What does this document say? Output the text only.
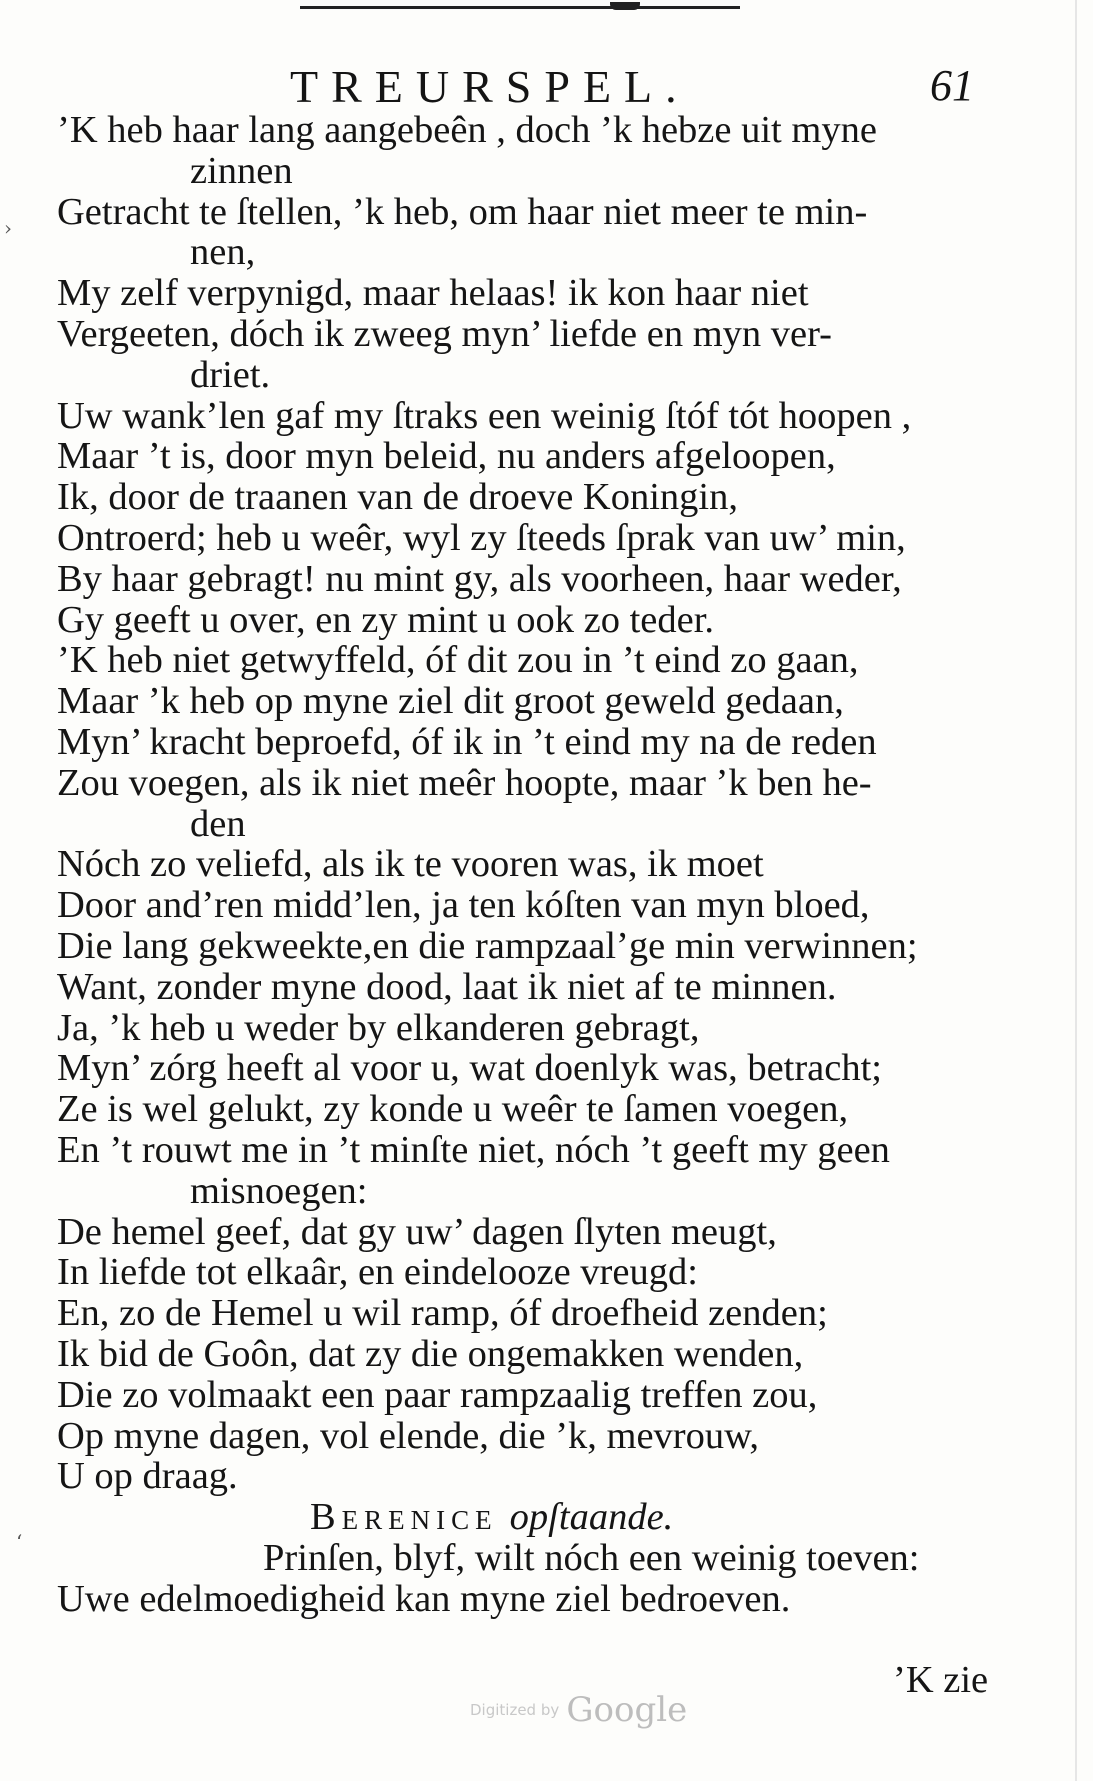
TREURSPEL.	61
’K heb haar lang aangebeên , doch ’k hebze uit myne
zinnen
Getracht te ſtellen, ’k heb, om haar niet meer te min-
nen,
My zelf verpynigd, maar helaas! ik kon haar niet
Vergeeten, dóch ik zweeg myn’ liefde en myn ver-
driet.
Uw wank’len gaf my ſtraks een weinig ſtóf tót hoopen ,
Maar ’t is, door myn beleid, nu anders afgeloopen,
Ik, door de traanen van de droeve Koningin,
Ontroerd; heb u weêr, wyl zy ſteeds ſprak van uw’ min,
By haar gebragt! nu mint gy, als voorheen, haar weder,
Gy geeft u over, en zy mint u ook zo teder.
’K heb niet getwyffeld, óf dit zou in ’t eind zo gaan,
Maar ’k heb op myne ziel dit groot geweld gedaan,
Myn’ kracht beproefd, óf ik in ’t eind my na de reden
Zou voegen, als ik niet meêr hoopte, maar ’k ben he-
den
Nóch zo veliefd, als ik te vooren was, ik moet
Door and’ren midd’len, ja ten kóſten van myn bloed,
Die lang gekweekte,en die rampzaal’ge min verwinnen;
Want, zonder myne dood, laat ik niet af te minnen.
Ja, ’k heb u weder by elkanderen gebragt,
Myn’ zórg heeft al voor u, wat doenlyk was, betracht;
Ze is wel gelukt, zy konde u weêr te ſamen voegen,
En ’t rouwt me in ’t minſte niet, nóch ’t geeft my geen
misnoegen:
De hemel geef, dat gy uw’ dagen ſlyten meugt,
In liefde tot elkaâr, en eindelooze vreugd:
En, zo de Hemel u wil ramp, óf droefheid zenden;
Ik bid de Goôn, dat zy die ongemakken wenden,
Die zo volmaakt een paar rampzaalig treffen zou,
Op myne dagen, vol elende, die ’k, mevrouw,
U op draag.
Berenice opſtaande.
Prinſen, blyf, wilt nóch een weinig toeven:
Uwe edelmoedigheid kan myne ziel bedroeven.
’K zie
Digitized by Google
›
‘
